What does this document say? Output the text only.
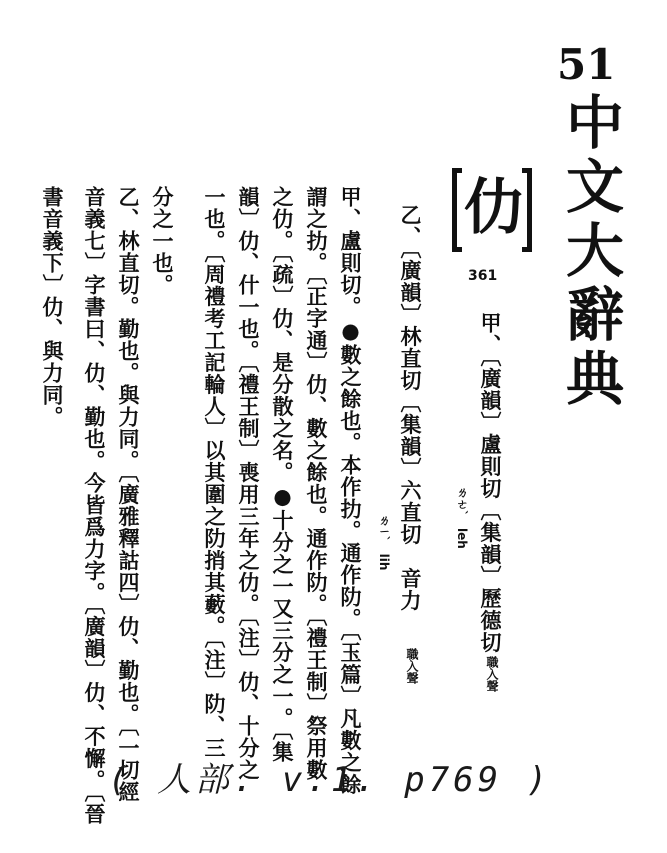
51
中文大辭典
仂
361
甲、〔廣韻〕盧則切〔集韻〕歷德切
ㄌㄜˋ　leh
職入聲
乙、〔廣韻〕林直切〔集韻〕六直切　音力
ㄌㄧˋ　lih
職入聲
甲、盧則切。●數之餘也。本作扐。通作阞。〔玉篇〕凡數之餘
謂之扐。〔正字通〕仂、數之餘也。通作阞。〔禮王制〕祭用數
之仂。〔疏〕仂、是分散之名。●十分之一又三分之一。〔集
韻〕仂、什一也。〔禮王制〕喪用三年之仂。〔注〕仂、十分之
一也。〔周禮考工記輪人〕以其圍之阞捎其藪。〔注〕阞、三
分之一也。
乙、林直切。勤也。與力同。〔廣雅釋詁四〕仂、勤也。〔一切經
音義七〕字書曰、仂、勤也。今皆爲力字。〔廣韻〕仂、不懈。〔晉
書音義下〕仂、與力同。
( 人部. v.1. p769 )
